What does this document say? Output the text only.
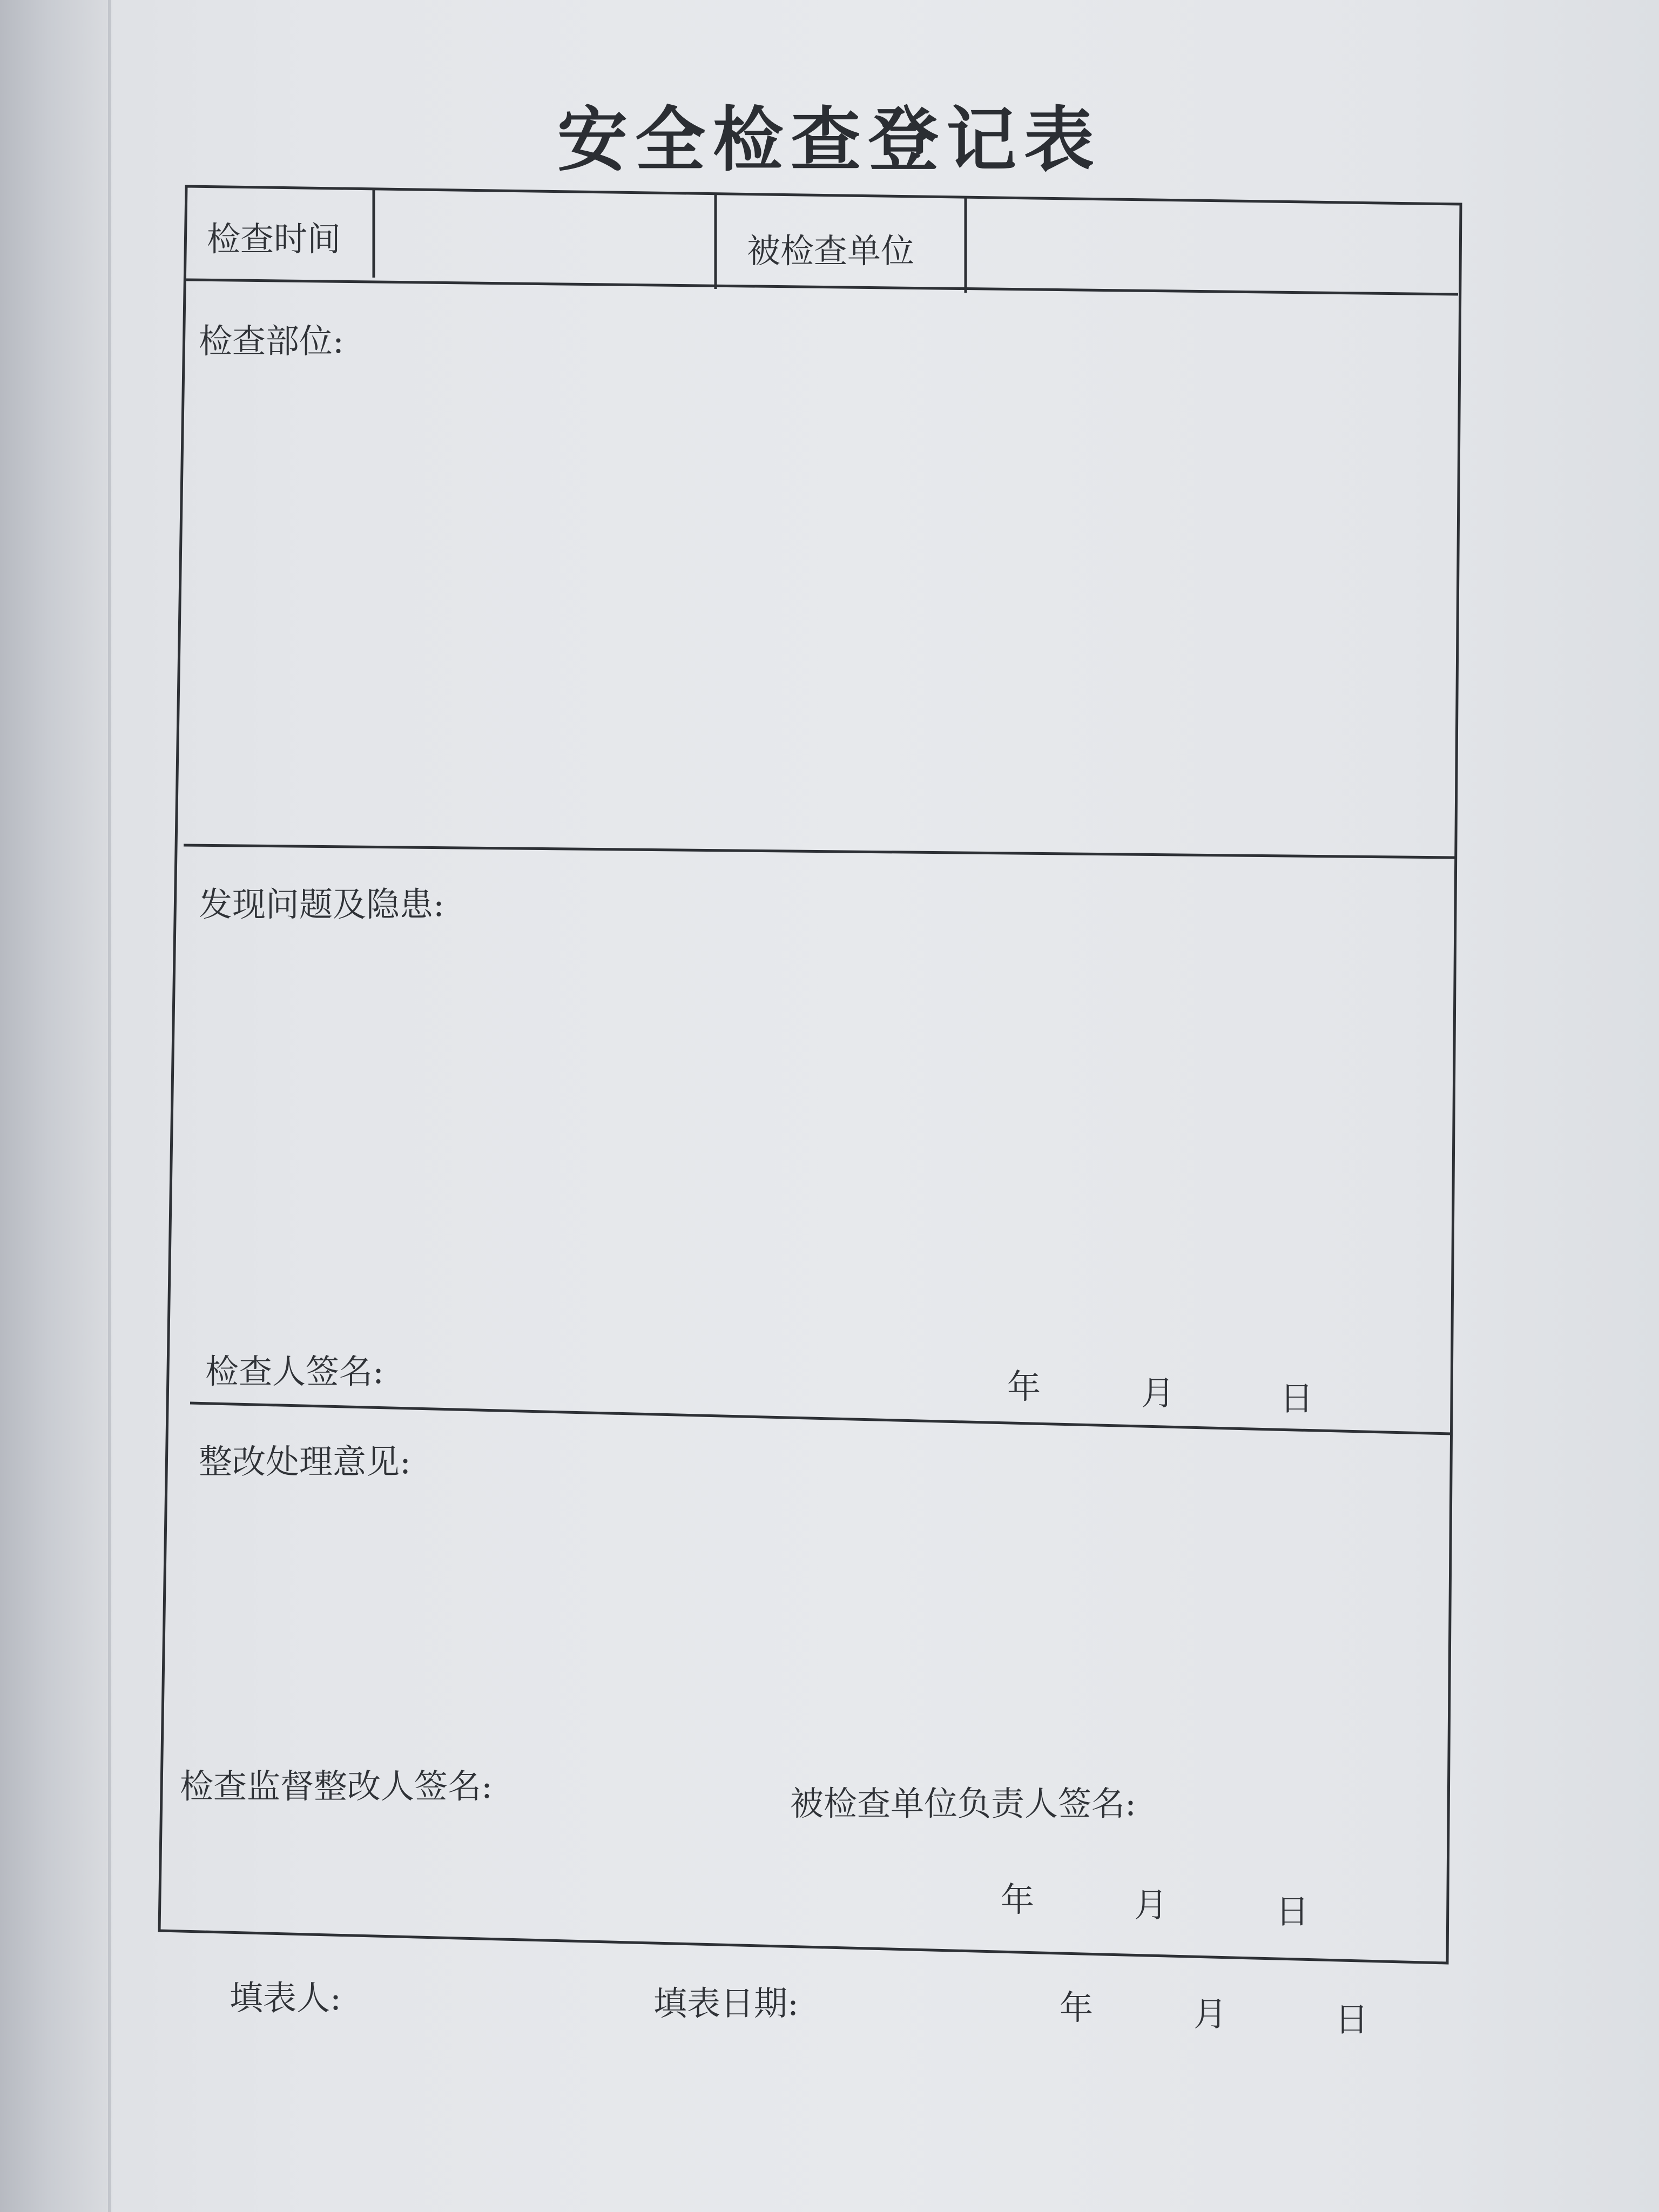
安全检查登记表
检查时间	被检查单位
检查部位:
发现问题及隐患:
检查人签名:	年	月	日
整改处理意见:
检查监督整改人签名:	被检查单位负责人签名:
年	月	日
填表人:	填表日期:	年	月	日
